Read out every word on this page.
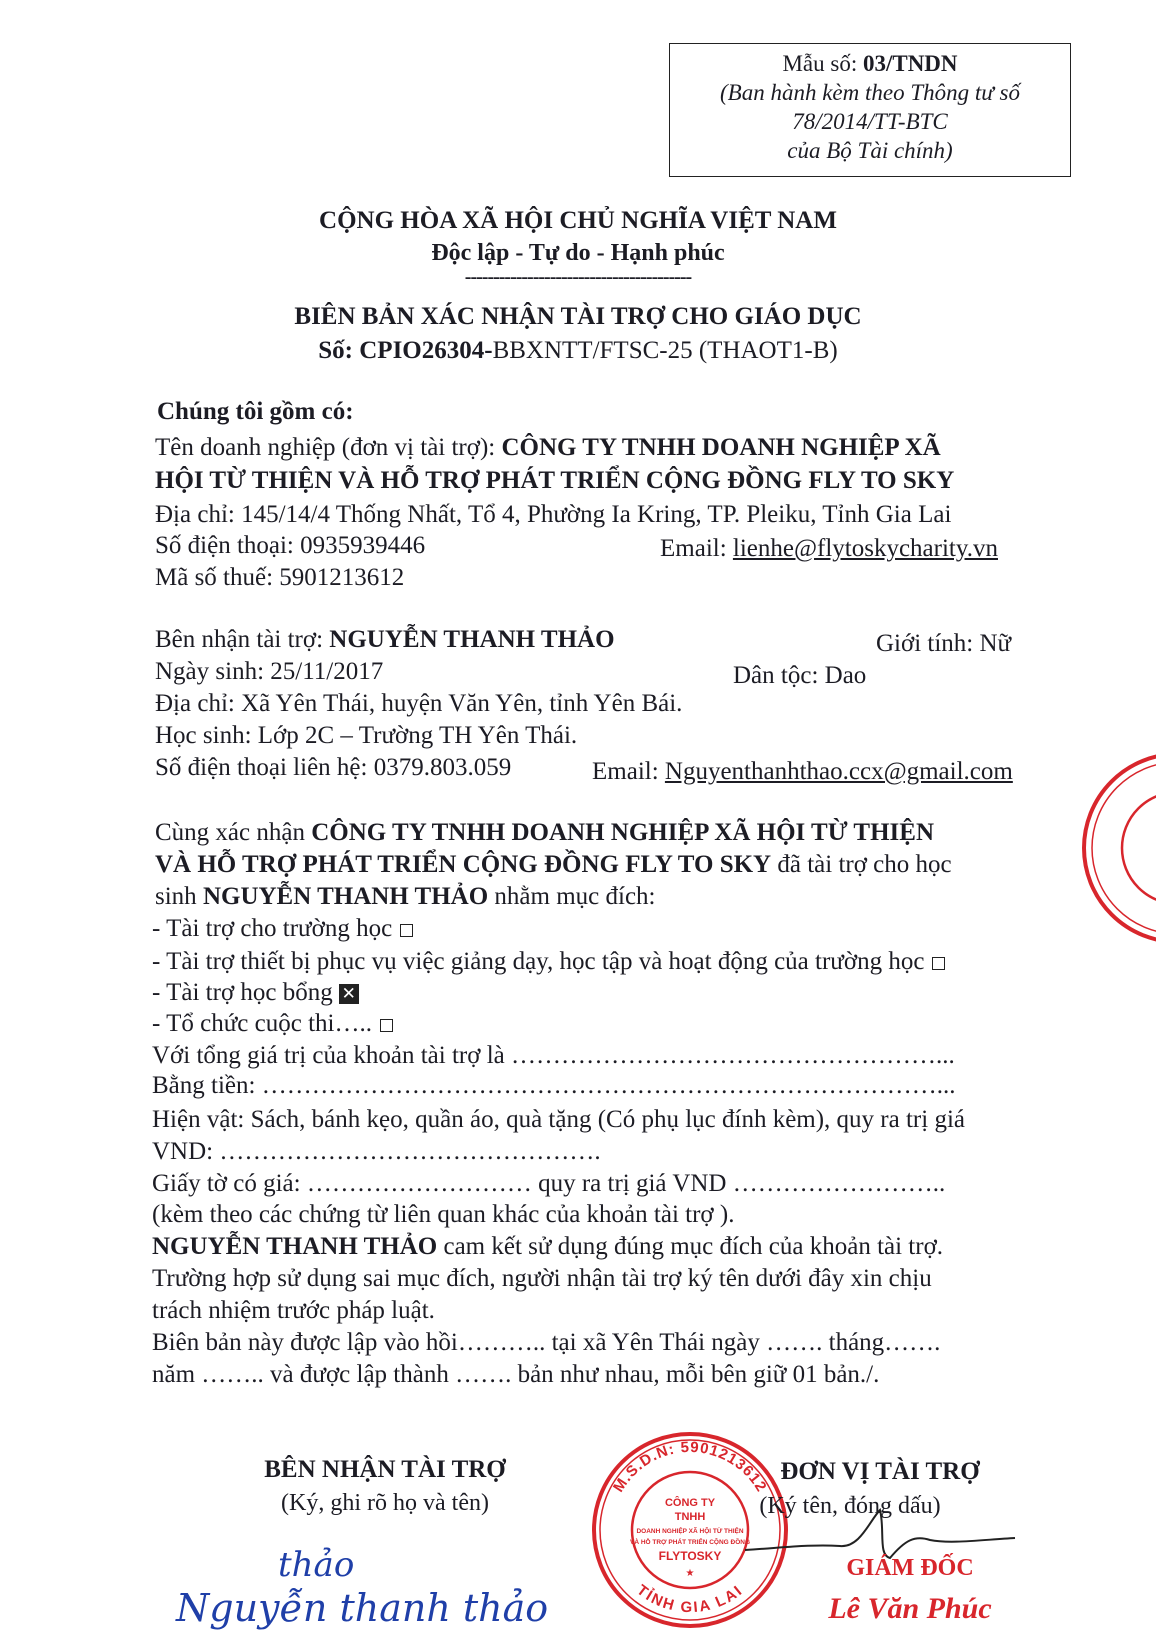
Mẫu số: 03/TNDN
(Ban hành kèm theo Thông tư số
78/2014/TT-BTC
của Bộ Tài chính)
CỘNG HÒA XÃ HỘI CHỦ NGHĨA VIỆT NAM
Độc lập - Tự do - Hạnh phúc
----------------------------------------
BIÊN BẢN XÁC NHẬN TÀI TRỢ CHO GIÁO DỤC
Số: CPIO26304-BBXNTT/FTSC-25 (THAOT1-B)
Chúng tôi gồm có:
Tên doanh nghiệp (đơn vị tài trợ): CÔNG TY TNHH DOANH NGHIỆP XÃ
HỘI TỪ THIỆN VÀ HỖ TRỢ PHÁT TRIỂN CỘNG ĐỒNG FLY TO SKY
Địa chỉ: 145/14/4 Thống Nhất, Tổ 4, Phường Ia Kring, TP. Pleiku, Tỉnh Gia Lai
Số điện thoại: 0935939446	Email: lienhe@flytoskycharity.vn
Mã số thuế: 5901213612
Bên nhận tài trợ: NGUYỄN THANH THẢO	Giới tính: Nữ
Ngày sinh: 25/11/2017	Dân tộc: Dao
Địa chỉ: Xã Yên Thái, huyện Văn Yên, tỉnh Yên Bái.
Học sinh: Lớp 2C – Trường TH Yên Thái.
Số điện thoại liên hệ: 0379.803.059	Email: Nguyenthanhthao.ccx@gmail.com
Cùng xác nhận CÔNG TY TNHH DOANH NGHIỆP XÃ HỘI TỪ THIỆN
VÀ HỖ TRỢ PHÁT TRIỂN CỘNG ĐỒNG FLY TO SKY đã tài trợ cho học
sinh NGUYỄN THANH THẢO nhằm mục đích:
- Tài trợ cho trường học
- Tài trợ thiết bị phục vụ việc giảng dạy, học tập và hoạt động của trường học
- Tài trợ học bổng ✕
- Tổ chức cuộc thi…..
Với tổng giá trị của khoản tài trợ là ……………………………………………...
Bằng tiền: ………………………………………………………………………...
Hiện vật: Sách, bánh kẹo, quần áo, quà tặng (Có phụ lục đính kèm), quy ra trị giá
VND: ……………………………………….
Giấy tờ có giá: ……………………… quy ra trị giá VND ……………………..
(kèm theo các chứng từ liên quan khác của khoản tài trợ ).
NGUYỄN THANH THẢO cam kết sử dụng đúng mục đích của khoản tài trợ.
Trường hợp sử dụng sai mục đích, người nhận tài trợ ký tên dưới đây xin chịu
trách nhiệm trước pháp luật.
Biên bản này được lập vào hồi……….. tại xã Yên Thái ngày ……. tháng…….
năm …….. và được lập thành ……. bản như nhau, mỗi bên giữ 01 bản./.
BÊN NHẬN TÀI TRỢ
(Ký, ghi rõ họ và tên)
thảo
Nguyễn thanh thảo
M.S.D.N: 5901213612
TỈNH GIA LAI
CÔNG TY
TNHH
DOANH NGHIỆP XÃ HỘI TỪ THIỆN
VÀ HỖ TRỢ PHÁT TRIỂN CỘNG ĐỒNG
FLYTOSKY
★
ĐƠN VỊ TÀI TRỢ
(Ký tên, đóng dấu)
GIÁM ĐỐC
Lê Văn Phúc
